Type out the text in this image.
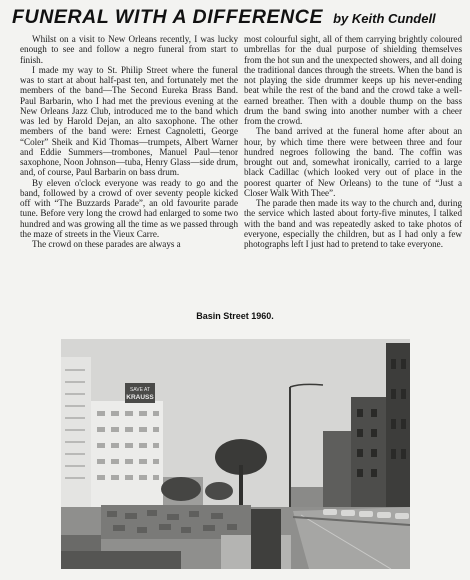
FUNERAL WITH A DIFFERENCE by Keith Cundell

Whilst on a visit to New Orleans recently, I was lucky enough to see and follow a negro funeral from start to finish.

I made my way to St. Philip Street where the funeral was to start at about half-past ten, and fortunately met the members of the band—The Second Eureka Brass Band. Paul Barbarin, who I had met the previous evening at the New Orleans Jazz Club, introduced me to the band which was led by Harold Dejan, an alto saxophone. The other members of the band were: Ernest Cagnoletti, George “Coler” Sheik and Kid Thomas—trumpets, Albert Warner and Eddie Summers—trombones, Manuel Paul—tenor saxophone, Noon Johnson—tuba, Henry Glass—side drum, and, of course, Paul Barbarin on bass drum.

By eleven o'clock everyone was ready to go and the band, followed by a crowd of over seventy people kicked off with “The Buzzards Parade”, an old favourite parade tune. Before very long the crowd had enlarged to some two hundred and was growing all the time as we passed through the maze of streets in the Vieux Carre.

The crowd on these parades are always a

most colourful sight, all of them carrying brightly coloured umbrellas for the dual purpose of shielding themselves from the hot sun and the unexpected showers, and all doing the traditional dances through the streets. When the band is not playing the side drummer keeps up his never-ending beat while the rest of the band and the crowd take a well-earned breather. Then with a double thump on the bass drum the band swing into another number with a cheer from the crowd.

The band arrived at the funeral home after about an hour, by which time there were between three and four hundred negroes following the band. The coffin was brought out and, somewhat ironically, carried to a large black Cadillac (which looked very out of place in the poorest quarter of New Orleans) to the tune of “Just a Closer Walk With Thee”.

The parade then made its way to the church and, during the service which lasted about forty-five minutes, I talked with the band and was repeatedly asked to take photos of everyone, especially the children, but as I had only a few photographs left I just had to pretend to take everyone.

Basin Street 1960.
SAVE AT
KRAUSS
